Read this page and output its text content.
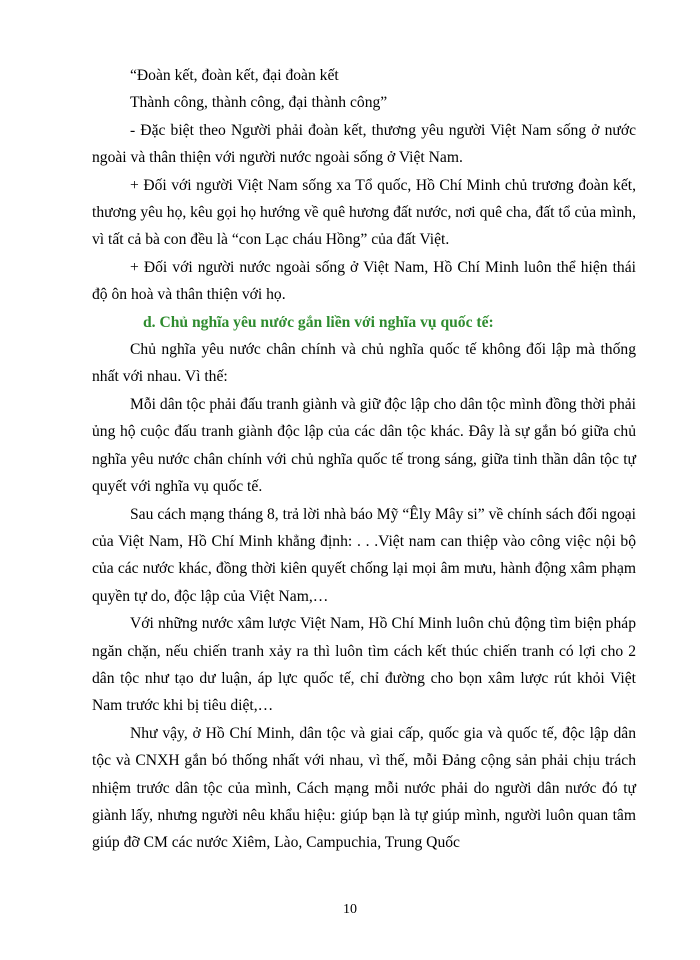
“Đoàn kết, đoàn kết, đại đoàn kết

Thành công, thành công, đại thành công”

- Đặc biệt theo Người phải đoàn kết, thương yêu người Việt Nam sống ở nước ngoài và thân thiện với người nước ngoài sống ở Việt Nam.

+ Đối với người Việt Nam sống xa Tổ quốc, Hồ Chí Minh chủ trương đoàn kết, thương yêu họ, kêu gọi họ hướng về quê hương đất nước, nơi quê cha, đất tổ của mình, vì tất cả bà con đều là “con Lạc cháu Hồng” của đất Việt.

+ Đối với người nước ngoài sống ở Việt Nam, Hồ Chí Minh luôn thể hiện thái độ ôn hoà và thân thiện với họ.

d. Chủ nghĩa yêu nước gắn liền với nghĩa vụ quốc tế:

Chủ nghĩa yêu nước chân chính và chủ nghĩa quốc tế không đối lập mà thống nhất với nhau. Vì thế:

Mỗi dân tộc phải đấu tranh giành và giữ độc lập cho dân tộc mình đồng thời phải ủng hộ cuộc đấu tranh giành độc lập của các dân tộc khác. Đây là sự gắn bó giữa chủ nghĩa yêu nước chân chính với chủ nghĩa quốc tế trong sáng, giữa tinh thần dân tộc tự quyết với nghĩa vụ quốc tế.

Sau cách mạng tháng 8, trả lời nhà báo Mỹ “Êly Mây si” về chính sách đối ngoại của Việt Nam, Hồ Chí Minh khẳng định: . . .Việt nam can thiệp vào công việc nội bộ của các nước khác, đồng thời kiên quyết chống lại mọi âm mưu, hành động xâm phạm quyền tự do, độc lập của Việt Nam,…

Với những nước xâm lược Việt Nam, Hồ Chí Minh luôn chủ động tìm biện pháp ngăn chặn, nếu chiến tranh xảy ra thì luôn tìm cách kết thúc chiến tranh có lợi cho 2 dân tộc như tạo dư luận, áp lực quốc tế, chỉ đường cho bọn xâm lược rút khỏi Việt Nam trước khi bị tiêu diệt,…

Như vậy, ở Hồ Chí Minh, dân tộc và giai cấp, quốc gia và quốc tế, độc lập dân tộc và CNXH gắn bó thống nhất với nhau, vì thế, mỗi Đảng cộng sản phải chịu trách nhiệm trước dân tộc của mình, Cách mạng mỗi nước phải do người dân nước đó tự giành lấy, nhưng người nêu khẩu hiệu: giúp bạn là tự giúp mình, người luôn quan tâm giúp đỡ CM các nước Xiêm, Lào, Campuchia, Trung Quốc

10
